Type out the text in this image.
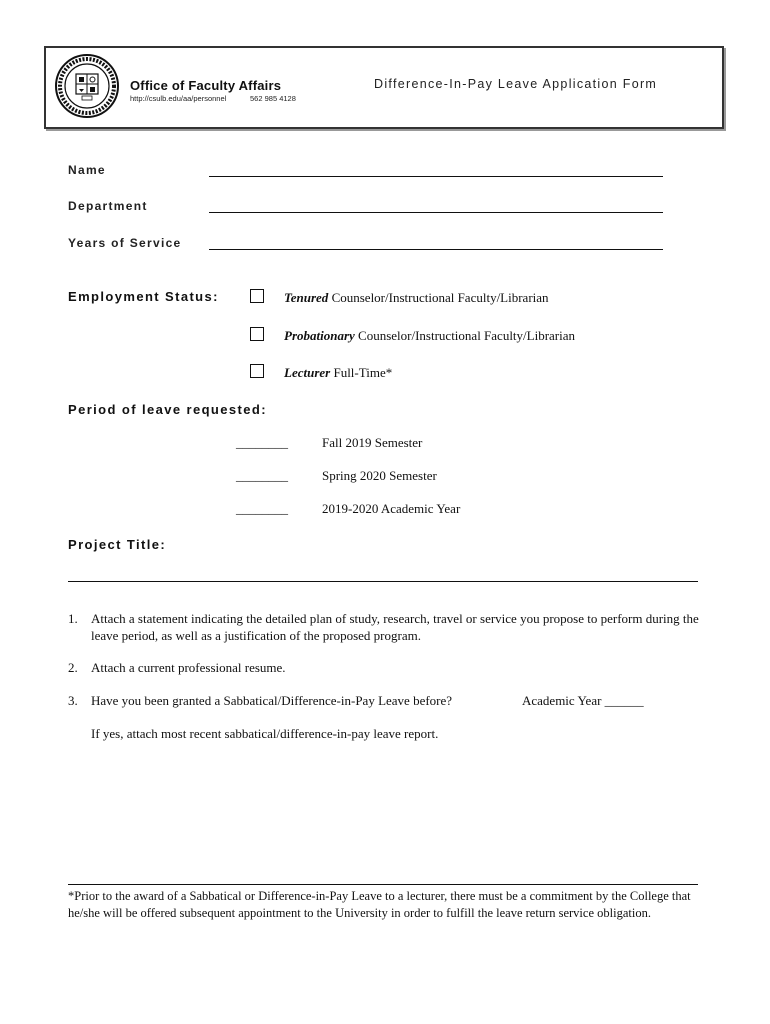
Office of Faculty Affairs
http://csulb.edu/aa/personnel	562 985 4128
Difference-In-Pay Leave Application Form
Name
Department
Years of Service
Employment Status:	Tenured Counselor/Instructional Faculty/Librarian
Probationary Counselor/Instructional Faculty/Librarian
Lecturer Full-Time*
Period of leave requested:
________	Fall 2019 Semester
________	Spring 2020 Semester
________	2019-2020 Academic Year
Project Title:
1. Attach a statement indicating the detailed plan of study, research, travel or service you propose to perform during the leave period, as well as a justification of the proposed program.
2. Attach a current professional resume.
3. Have you been granted a Sabbatical/Difference-in-Pay Leave before?	Academic Year ______
If yes, attach most recent sabbatical/difference-in-pay leave report.
*Prior to the award of a Sabbatical or Difference-in-Pay Leave to a lecturer, there must be a commitment by the College that he/she will be offered subsequent appointment to the University in order to fulfill the leave return service obligation.
